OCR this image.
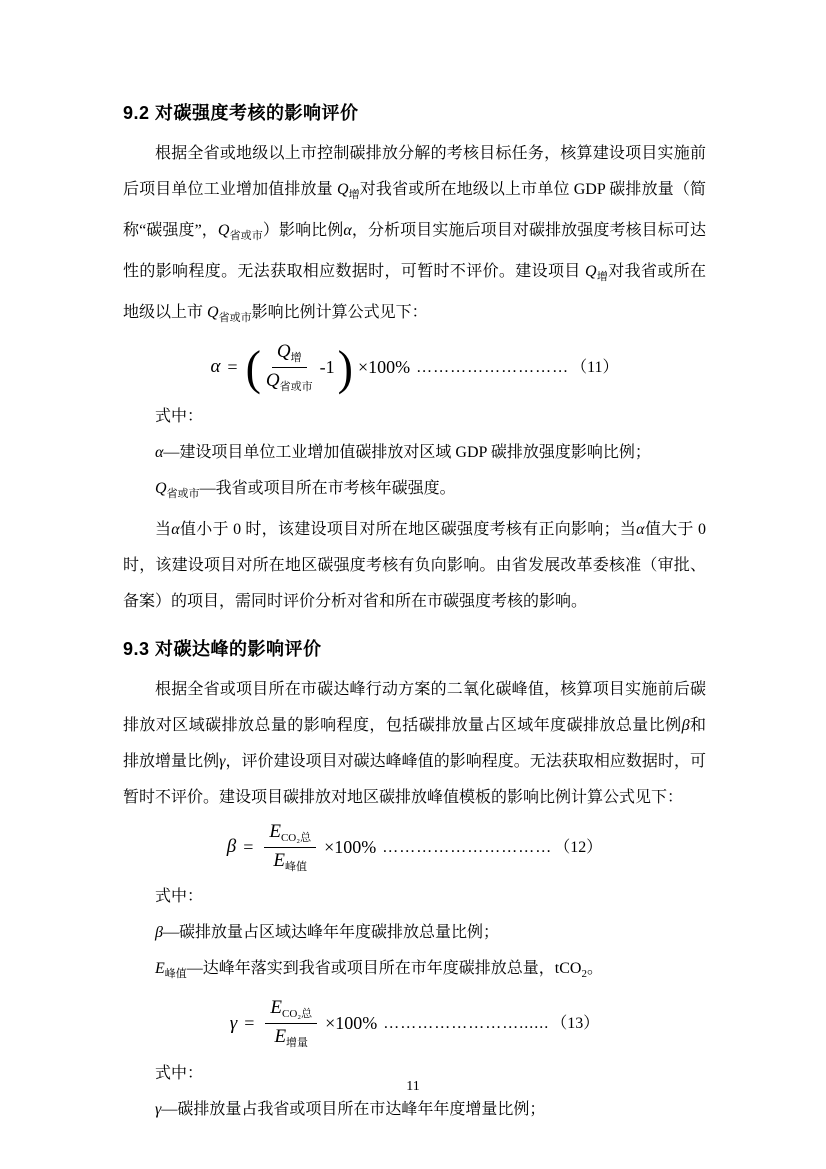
9.2 对碳强度考核的影响评价

根据全省或地级以上市控制碳排放分解的考核目标任务，核算建设项目实施前后项目单位工业增加值排放量 $Q_增$对我省或所在地级以上市单位 GDP 碳排放量（简称“碳强度”，$Q_{省或市}$）影响比例α，分析项目实施后项目对碳排放强度考核目标可达性的影响程度。无法获取相应数据时，可暂时不评价。建设项目 $Q_增$对我省或所在地级以上市 $Q_{省或市}$影响比例计算公式见下：

α = ( $\frac{Q_增}{Q_{省或市}} -1$ ) ×100% ……………………… （11）

式中：

α—建设项目单位工业增加值碳排放对区域 GDP 碳排放强度影响比例；

$Q_{省或市}—$我省或项目所在市考核年碳强度。

当α值小于 0 时，该建设项目对所在地区碳强度考核有正向影响；当α值大于 0 时，该建设项目对所在地区碳强度考核有负向影响。由省发展改革委核准（审批、备案）的项目，需同时评价分析对省和所在市碳强度考核的影响。

9.3 对碳达峰的影响评价

根据全省或项目所在市碳达峰行动方案的二氧化碳峰值，核算项目实施前后碳排放对区域碳排放总量的影响程度，包括碳排放量占区域年度碳排放总量比例β和排放增量比例γ，评价建设项目对碳达峰峰值的影响程度。无法获取相应数据时，可暂时不评价。建设项目碳排放对地区碳排放峰值模板的影响比例计算公式见下：

$\beta = \frac{E_{CO_2总}}{E_{峰值}} \times 100\%$ ………………………… （12）

式中：

β—碳排放量占区域达峰年年度碳排放总量比例；

$E_{峰值}—$达峰年落实到我省或项目所在市年度碳排放总量，tCO$_2$。

$\gamma = \frac{E_{CO_2总}}{E_{增量}} \times 100\%$ ……………………...... （13）

式中：

γ—碳排放量占我省或项目所在市达峰年年度增量比例；

11
